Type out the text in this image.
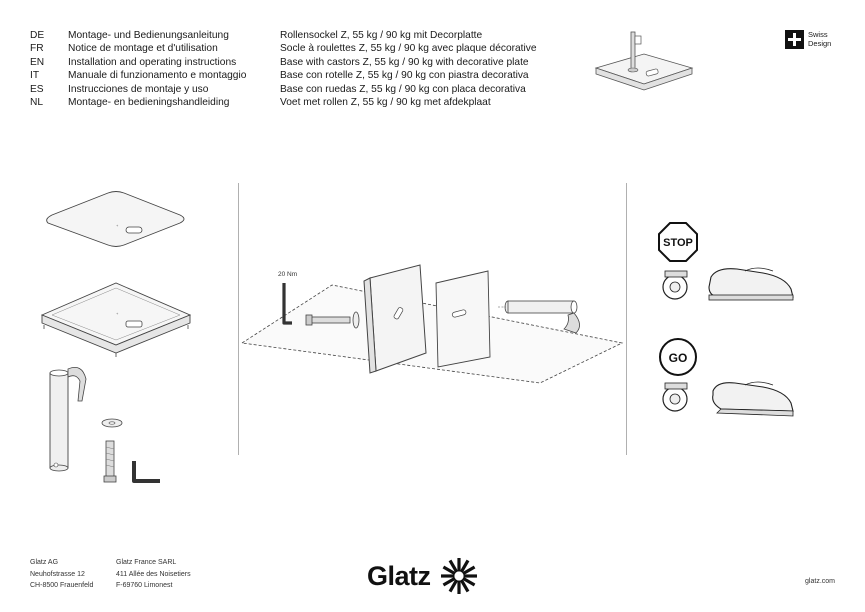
DE	Montage- und Bedienungsanleitung	Rollensockel Z, 55 kg / 90 kg mit Decorplatte
FR	Notice de montage et d'utilisation	Socle à roulettes Z, 55 kg / 90 kg avec plaque décorative
EN	Installation and operating instructions	Base with castors Z, 55 kg / 90 kg with decorative plate
IT	Manuale di funzionamento e montaggio	Base con rotelle Z, 55 kg / 90 kg con piastra decorativa
ES	Instrucciones de montaje y uso	Base con ruedas Z, 55 kg / 90 kg con placa decorativa
NL	Montage- en bedieningshandleiding	Voet met rollen Z, 55 kg / 90 kg met afdekplaat
Swiss
Design
+
+
20 Nm
STOP
GO
Glatz AG
Neuhofstrasse 12
CH-8500 Frauenfeld
Glatz France SARL
411 Allée des Noisetiers
F-69760 Limonest	Glatz	glatz.com
